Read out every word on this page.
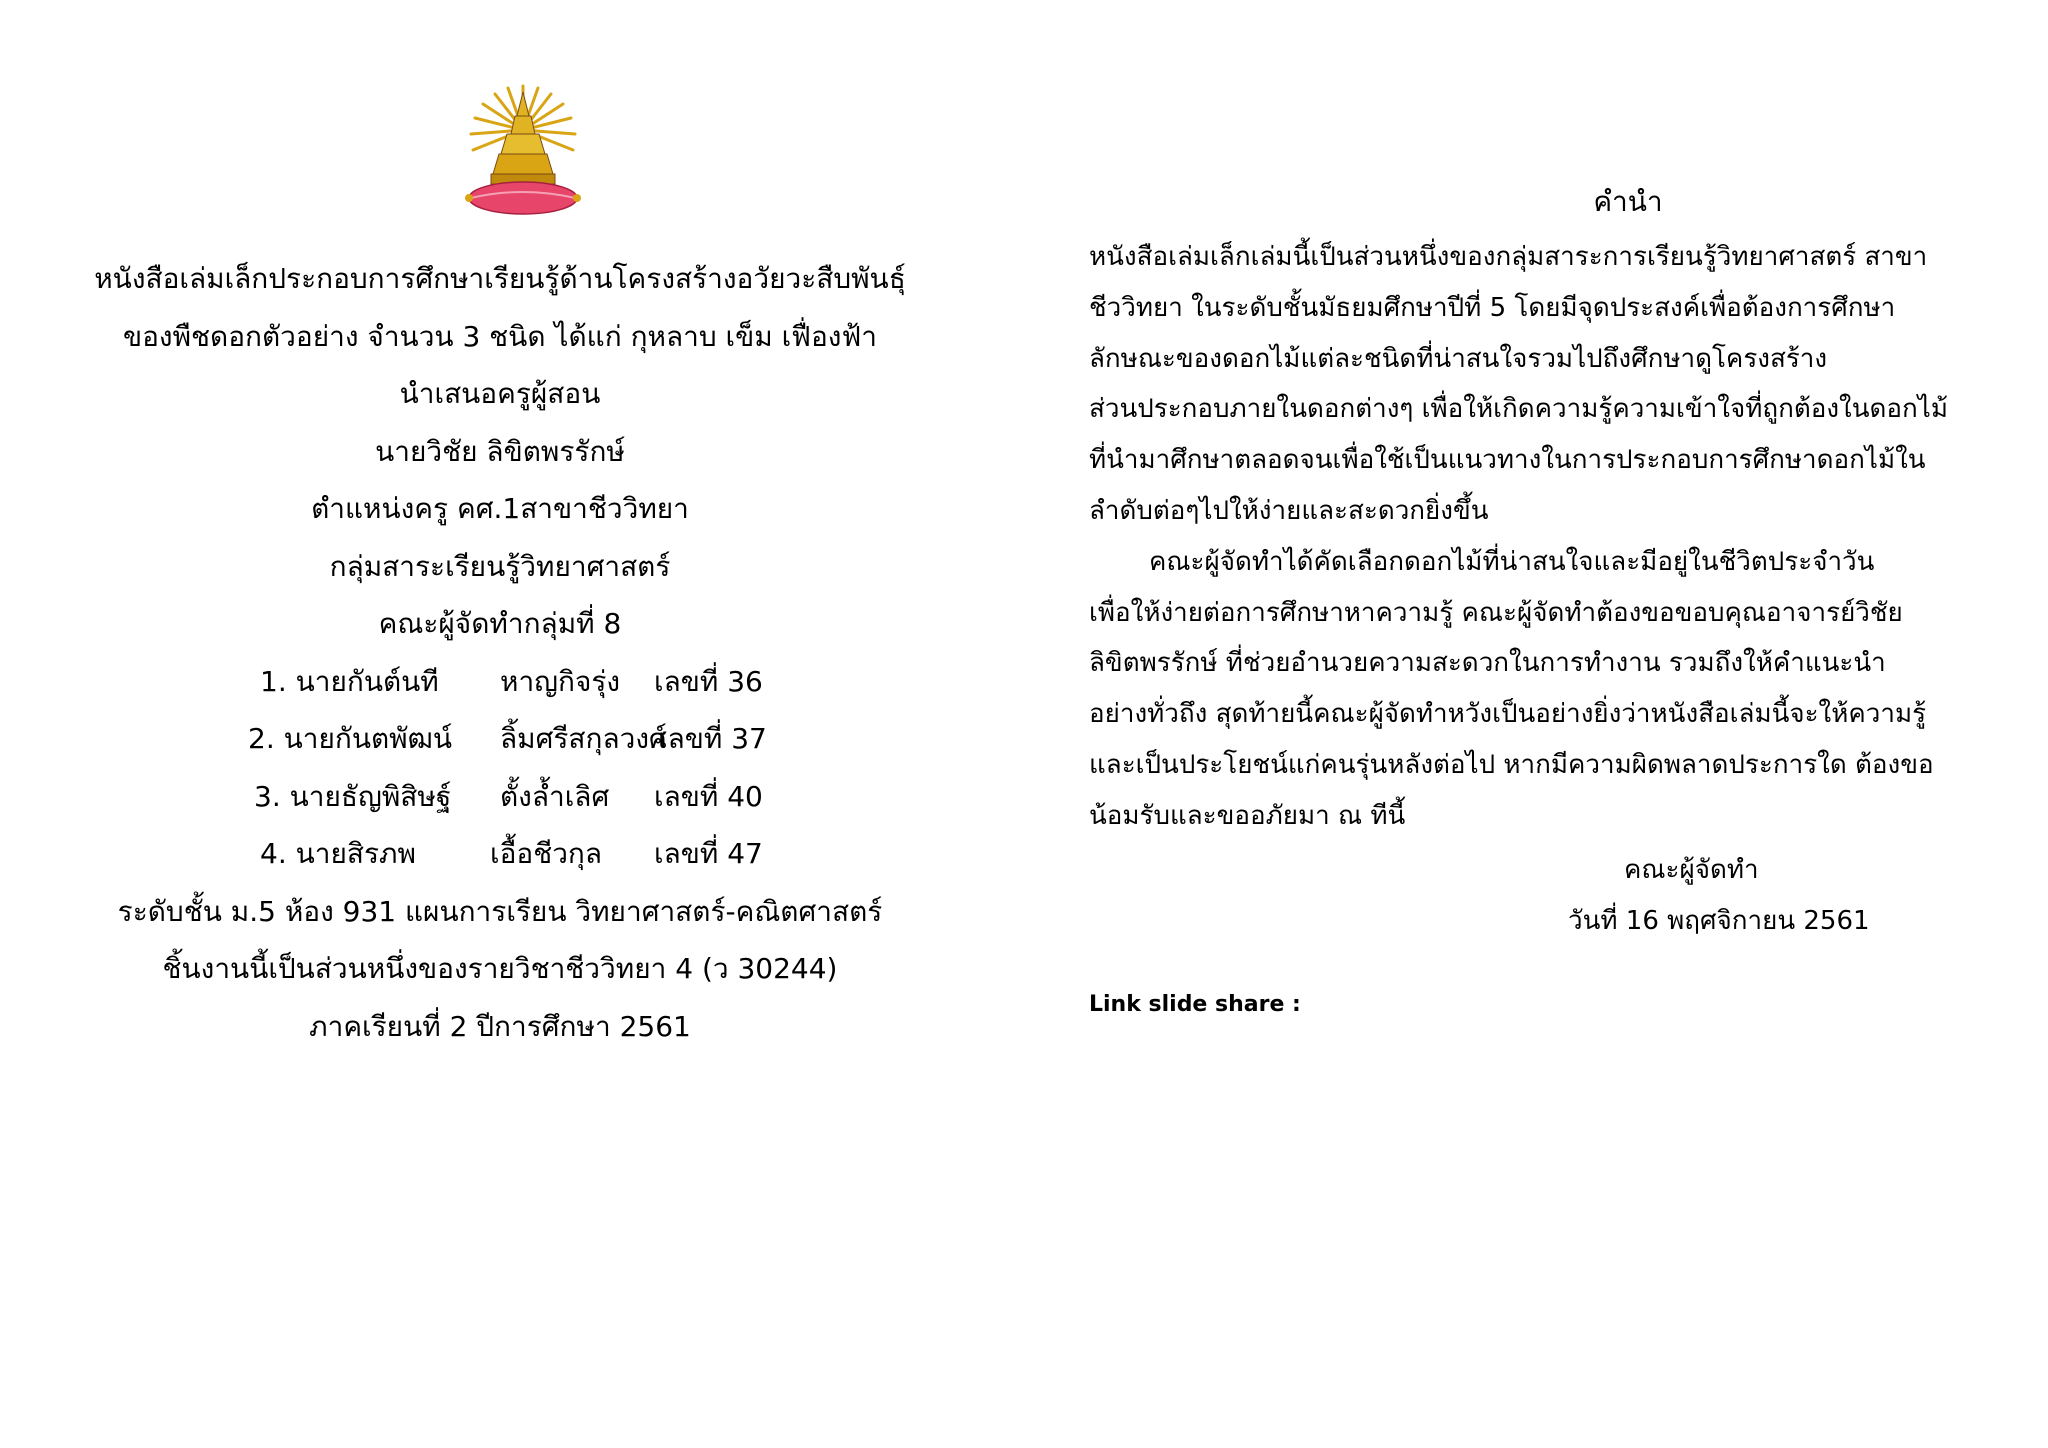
หนังสือเล่มเล็กประกอบการศึกษาเรียนรู้ด้านโครงสร้างอวัยวะสืบพันธุ์
ของพืชดอกตัวอย่าง จำนวน 3 ชนิด ได้แก่ กุหลาบ เข็ม เฟื่องฟ้า
นำเสนอครูผู้สอน
นายวิชัย ลิขิตพรรักษ์
ตำแหน่งครู คศ.1สาขาชีววิทยา
กลุ่มสาระเรียนรู้วิทยาศาสตร์
คณะผู้จัดทำกลุ่มที่ 8
1. นายกันต์นที หาญกิจรุ่ง เลขที่ 36
2. นายกันตพัฒน์ ลิ้มศรีสกุลวงศ์
เลขที่ 37
3. นายธัญพิสิษฐ์ ตั้งล้ำเลิศ เลขที่ 40
4. นายสิรภพ	เอื้อชีวกุล เลขที่ 47
ระดับชั้น ม.5 ห้อง 931 แผนการเรียน วิทยาศาสตร์-คณิตศาสตร์
ชิ้นงานนี้เป็นส่วนหนึ่งของรายวิชาชีววิทยา 4 (ว 30244)
ภาคเรียนที่ 2 ปีการศึกษา 2561
คำนำ
หนังสือเล่มเล็กเล่มนี้เป็นส่วนหนึ่งของกลุ่มสาระการเรียนรู้วิทยาศาสตร์ สาขา
ชีววิทยา ในระดับชั้นมัธยมศึกษาปีที่ 5 โดยมีจุดประสงค์เพื่อต้องการศึกษา
ลักษณะของดอกไม้แต่ละชนิดที่น่าสนใจรวมไปถึงศึกษาดูโครงสร้าง
ส่วนประกอบภายในดอกต่างๆ เพื่อให้เกิดความรู้ความเข้าใจที่ถูกต้องในดอกไม้
ที่นำมาศึกษาตลอดจนเพื่อใช้เป็นแนวทางในการประกอบการศึกษาดอกไม้ใน
ลำดับต่อๆไปให้ง่ายและสะดวกยิ่งขึ้น
คณะผู้จัดทำได้คัดเลือกดอกไม้ที่น่าสนใจและมีอยู่ในชีวิตประจำวัน
เพื่อให้ง่ายต่อการศึกษาหาความรู้ คณะผู้จัดทำต้องขอขอบคุณอาจารย์วิชัย
ลิขิตพรรักษ์ ที่ช่วยอำนวยความสะดวกในการทำงาน รวมถึงให้คำแนะนำ
อย่างทั่วถึง สุดท้ายนี้คณะผู้จัดทำหวังเป็นอย่างยิ่งว่าหนังสือเล่มนี้จะให้ความรู้
และเป็นประโยชน์แก่คนรุ่นหลังต่อไป หากมีความผิดพลาดประการใด ต้องขอ
น้อมรับและขออภัยมา ณ ทีนี้
คณะผู้จัดทำ
วันที่ 16 พฤศจิกายน 2561
Link slide share :
